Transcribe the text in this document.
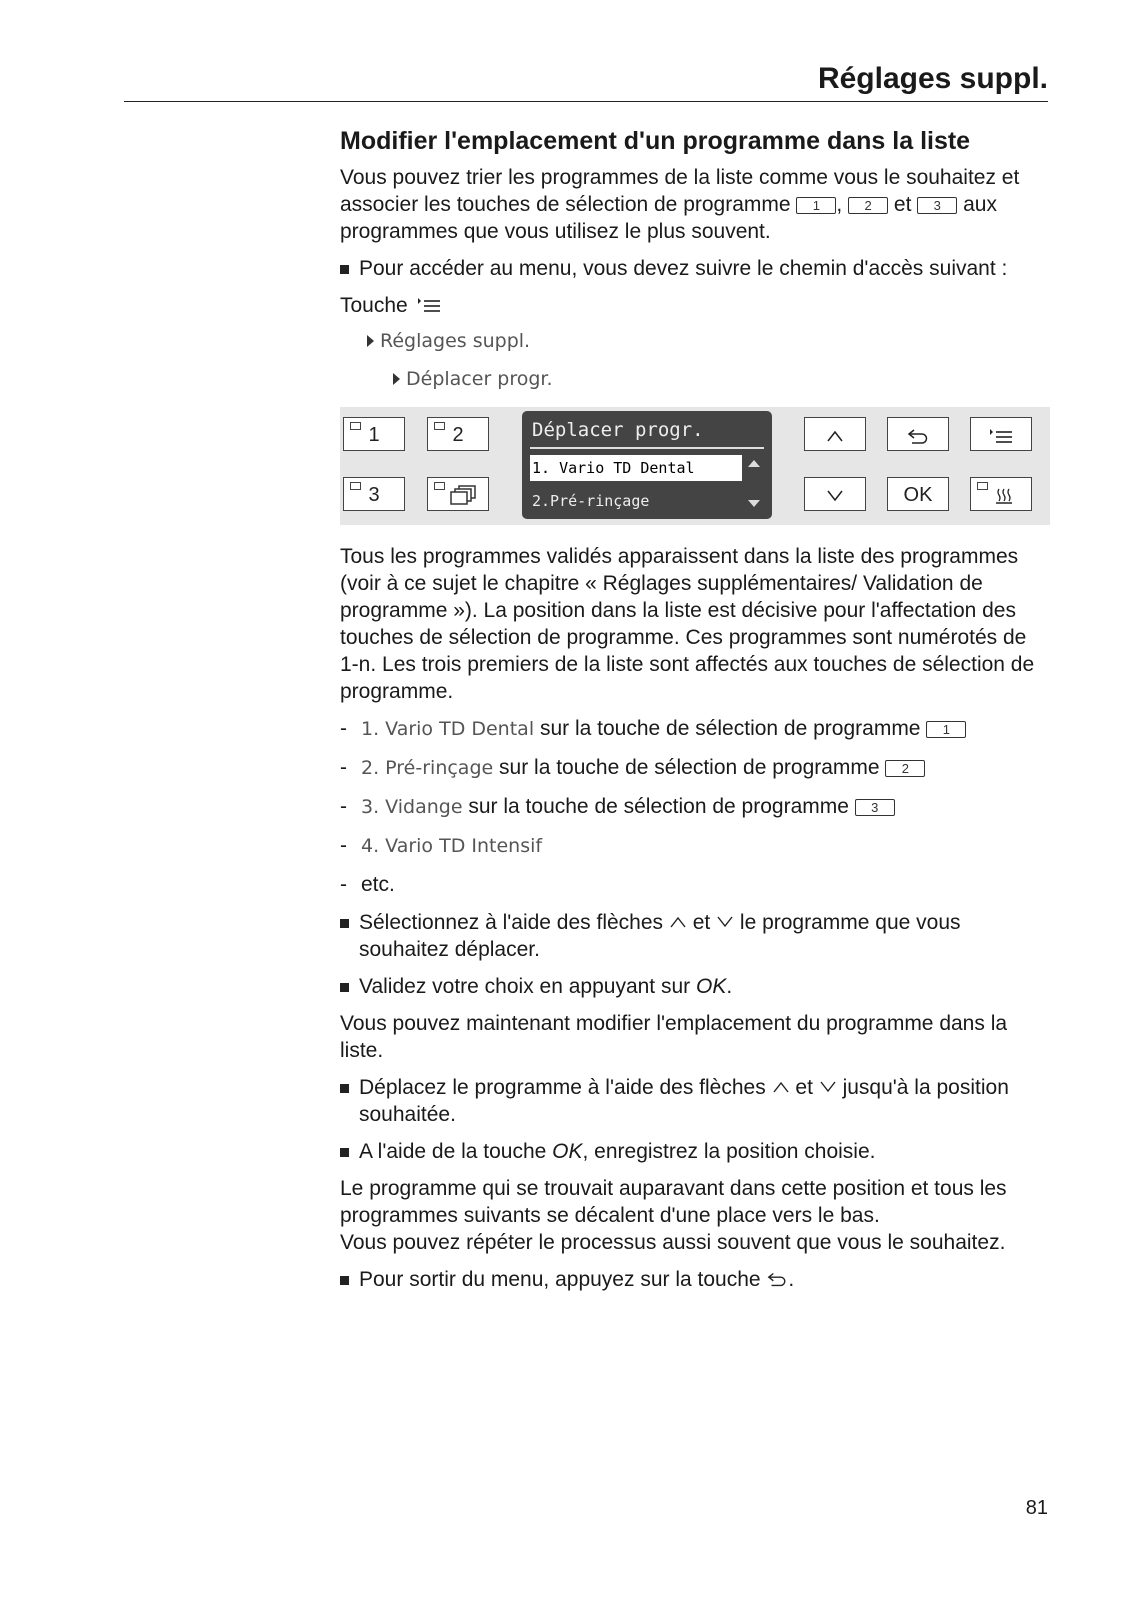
Réglages suppl.
Modifier l'emplacement d'un programme dans la liste

Vous pouvez trier les programmes de la liste comme vous le souhaitez et associer les touches de sélection de programme 1 , 2 et 3 aux programmes que vous utilisez le plus souvent.

Pour accéder au menu, vous devez suivre le chemin d'accès suivant :
Touche
Réglages suppl.
Déplacer progr.
1	2
3
Déplacer progr.
1. Vario TD Dental
2.Pré-rinçage	OK

Tous les programmes validés apparaissent dans la liste des programmes (voir à ce sujet le chapitre « Réglages supplémentaires/ Validation de programme »). La position dans la liste est décisive pour l'affectation des touches de sélection de programme. Ces programmes sont numérotés de 1-n. Les trois premiers de la liste sont affectés aux touches de sélection de programme.

- 1. Vario TD Dental sur la touche de sélection de programme 1
- 2. Pré-rinçage sur la touche de sélection de programme 2
- 3. Vidange sur la touche de sélection de programme 3
- 4. Vario TD Intensif
- etc.
Sélectionnez à l'aide des flèches  et  le programme que vous souhaitez déplacer.
Validez votre choix en appuyant sur OK.

Vous pouvez maintenant modifier l'emplacement du programme dans la liste.

Déplacez le programme à l'aide des flèches  et  jusqu'à la position souhaitée.
A l'aide de la touche OK, enregistrez la position choisie.

Le programme qui se trouvait auparavant dans cette position et tous les programmes suivants se décalent d'une place vers le bas.
Vous pouvez répéter le processus aussi souvent que vous le souhaitez.

Pour sortir du menu, appuyez sur la touche .
81
